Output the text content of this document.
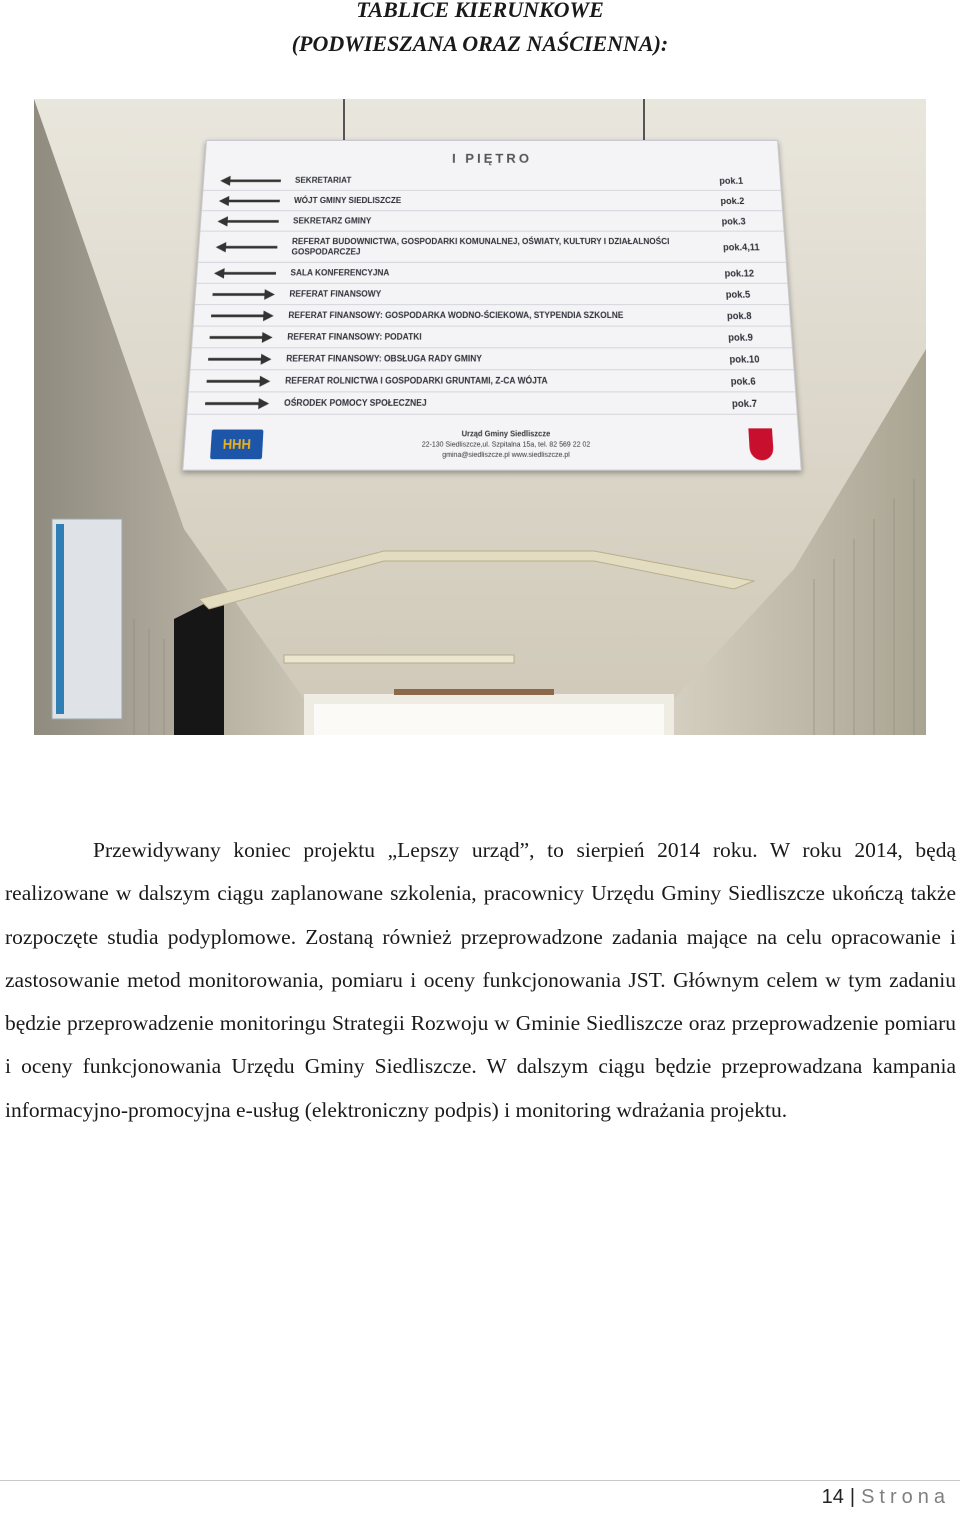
TABLICE KIERUNKOWE
(PODWIESZANA ORAZ NAŚCIENNA):
I PIĘTRO
SEKRETARIAT	pok.1
WÓJT GMINY SIEDLISZCZE	pok.2
SEKRETARZ GMINY	pok.3
REFERAT BUDOWNICTWA, GOSPODARKI KOMUNALNEJ, OŚWIATY, KULTURY I DZIAŁALNOŚCI GOSPODARCZEJ	pok.4,11
SALA KONFERENCYJNA	pok.12
REFERAT FINANSOWY	pok.5
REFERAT FINANSOWY: GOSPODARKA WODNO-ŚCIEKOWA, STYPENDIA SZKOLNE	pok.8
REFERAT FINANSOWY: PODATKI	pok.9
REFERAT FINANSOWY: OBSŁUGA RADY GMINY	pok.10
REFERAT ROLNICTWA I GOSPODARKI GRUNTAMI, Z-CA WÓJTA	pok.6
OŚRODEK POMOCY SPOŁECZNEJ	pok.7
HHH
Urząd Gminy Siedliszcze
22-130 Siedliszcze,ul. Szpitalna 15a, tel. 82 569 22 02
gmina@siedliszcze.pl www.siedliszcze.pl

Przewidywany koniec projektu „Lepszy urząd”, to sierpień 2014 roku. W roku 2014, będą realizowane w dalszym ciągu zaplanowane szkolenia, pracownicy Urzędu Gminy Siedliszcze ukończą także rozpoczęte studia podyplomowe. Zostaną również przeprowadzone zadania mające na celu opracowanie i zastosowanie metod monitorowania, pomiaru i oceny funkcjonowania JST. Głównym celem w tym zadaniu będzie przeprowadzenie monitoringu Strategii Rozwoju w Gminie Siedliszcze oraz przeprowadzenie pomiaru i oceny funkcjonowania Urzędu Gminy Siedliszcze. W dalszym ciągu będzie przeprowadzana kampania informacyjno-promocyjna e-usług (elektroniczny podpis) i monitoring wdrażania projektu.

14 | Strona
